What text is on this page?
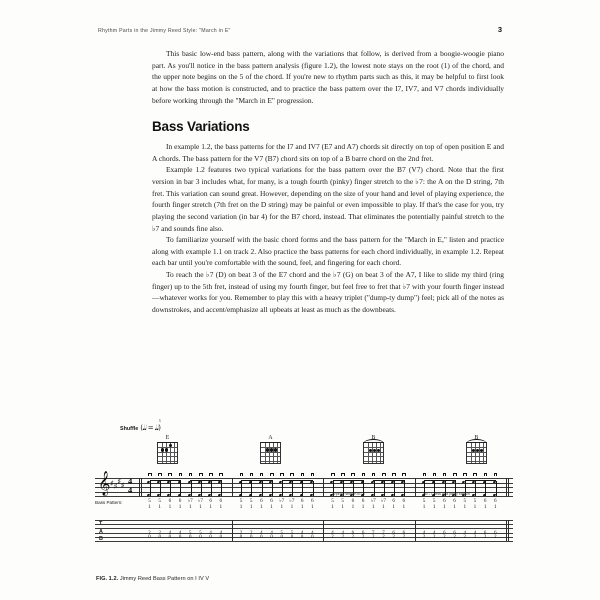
Rhythm Parts in the Jimmy Reed Style: "March in E"	3

This basic low-end bass pattern, along with the variations that follow, is derived from a boogie-woogie piano part. As you'll notice in the bass pattern analysis (figure 1.2), the lowest note stays on the root (1) of the chord, and the upper note begins on the 5 of the chord. If you're new to rhythm parts such as this, it may be helpful to first look at how the bass motion is constructed, and to practice the bass pattern over the I7, IV7, and V7 chords individually before working through the "March in E" progression.

Bass Variations

In example 1.2, the bass patterns for the I7 and IV7 (E7 and A7) chords sit directly on top of open position E and A chords. The bass pattern for the V7 (B7) chord sits on top of a B barre chord on the 2nd fret.

Example 1.2 features two typical variations for the bass pattern over the B7 (V7) chord. Note that the first version in bar 3 includes what, for many, is a tough fourth (pinky) finger stretch to the ♭7: the A on the D string, 7th fret. This variation can sound great. However, depending on the size of your hand and level of playing experience, the fourth finger stretch (7th fret on the D string) may be painful or even impossible to play. If that's the case for you, try playing the second variation (in bar 4) for the B7 chord, instead. That eliminates the potentially painful stretch to the ♭7 and sounds fine also.

To familiarize yourself with the basic chord forms and the bass pattern for the "March in E," listen and practice along with example 1.1 on track 2. Also practice the bass patterns for each chord individually, in example 1.2. Repeat each bar until you're comfortable with the sound, feel, and fingering for each chord.

To reach the ♭7 (D) on beat 3 of the E7 chord and the ♭7 (G) on beat 3 of the A7, I like to slide my third (ring finger) up to the 5th fret, instead of using my fourth finger, but feel free to fret that ♭7 with your fourth finger instead—whatever works for you. Remember to play this with a heavy triplet ("dump-ty dump") feel; pick all of the notes as downstrokes, and accent/emphasize all upbeats at least as much as the downbeats.

Shuffle (𝅘𝅥𝅘𝅥 = 3 𝅘𝅥𝅘𝅥)
E	A	B	B
𝄞 ♯ ♯
♯ ♯ 4
4
Bass Pattern:	5
1
5
1
6
1
6
1
♭7
1
♭7
1
6
1
6
1
5
1
5
1
6
1
6
1
♭7
1
♭7
1
6
1
6
1
5
1
5
1
6
1
6
1
♭7
1
♭7
1
6
1
6
1
w/pinky stretch to ♭7
5
1
5
1
6
1
6
1
5
1
5
1
6
1
6
1
no ♭7, less of a pinky stretch
T
A
B
2
0
2
0
4
0
4
0
5
0
5
0
4
0
4
0
2
0
2
0
4
0
4
0
5
0
5
0
4
0
4
0
4
2
4
2
6
2
6
2
7
2
7
2
6
2
6
2
4
2
4
2
6
2
6
2
4
2
4
2
6
2
6
2
FIG. 1.2. Jimmy Reed Bass Pattern on I IV V
